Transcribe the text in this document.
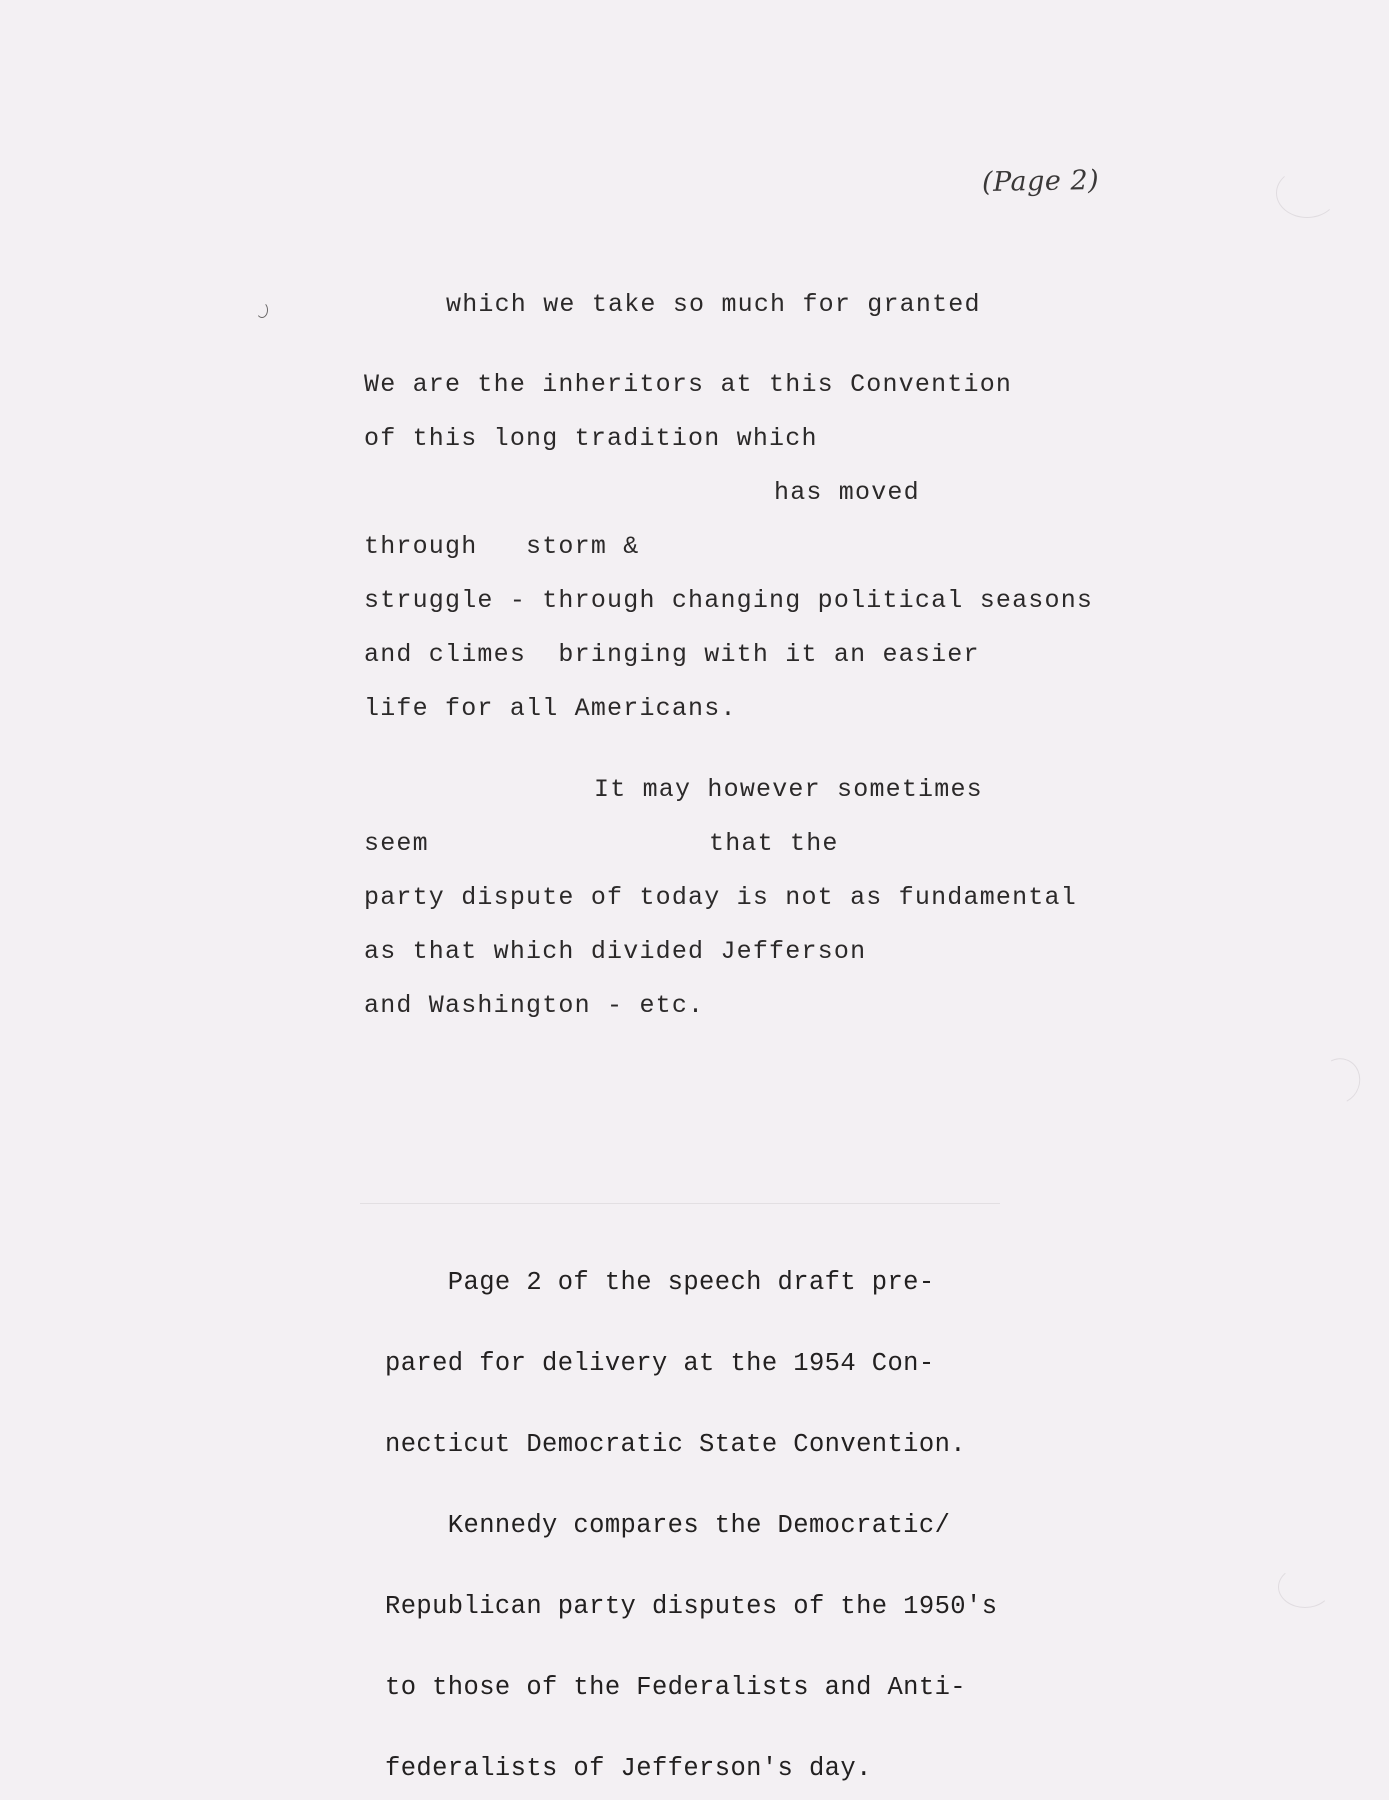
(Page 2)
which we take so much for granted
We are the inheritors at this Convention
of this long tradition which
has moved
through   storm &
struggle - through changing political seasons
and climes  bringing with it an easier
life for all Americans.
It may however sometimes
seem	that the
party dispute of today is not as fundamental
as that which divided Jefferson
and Washington - etc.

Page 2 of the speech draft pre-

pared for delivery at the 1954 Con-

necticut Democratic State Convention.

Kennedy compares the Democratic/

Republican party disputes of the 1950's

to those of the Federalists and Anti-

federalists of Jefferson's day.
